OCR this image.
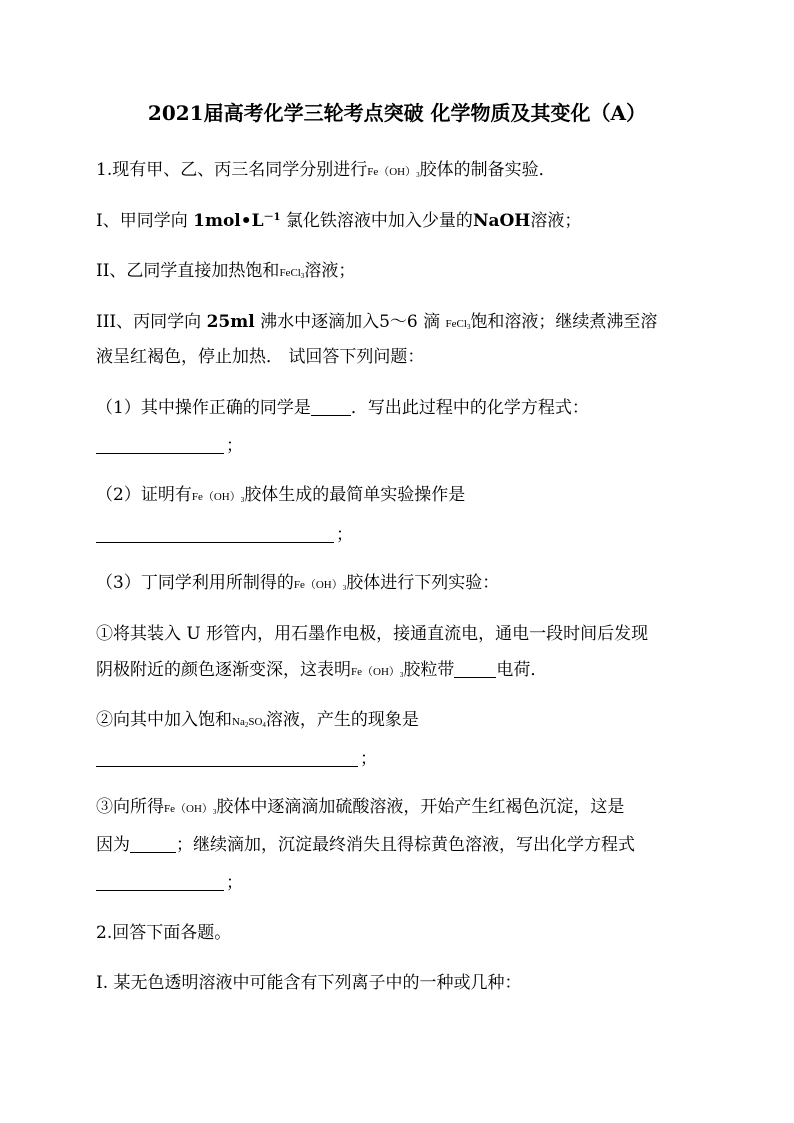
2021届高考化学三轮考点突破 化学物质及其变化（A）
1.现有甲、乙、丙三名同学分别进行$Fe(OH)_3$胶体的制备实验．
I、甲同学向 $1mol•L^{-1}$ 氯化铁溶液中加入少量的NaOH溶液；
II、乙同学直接加热饱和FeCl$_3$溶液；
III、丙同学向 25ml 沸水中逐滴加入5～6 滴 FeCl$_3$饱和溶液；继续煮沸至溶
液呈红褐色，停止加热． 试回答下列问题：
（1）其中操作正确的同学是 ．写出此过程中的化学方程式：
；
（2）证明有$Fe(OH)_3$胶体生成的最简单实验操作是
；
（3）丁同学利用所制得的$Fe(OH)_3$胶体进行下列实验：
①将其装入 U 形管内，用石墨作电极，接通直流电，通电一段时间后发现
阴极附近的颜色逐渐变深，这表明$Fe(OH)_3$胶粒带 电荷．
②向其中加入饱和$Na_2SO_4$溶液，产生的现象是
；
③向所得$Fe(OH)_3$胶体中逐滴滴加硫酸溶液，开始产生红褐色沉淀，这是
因为	；继续滴加，沉淀最终消失且得棕黄色溶液，写出化学方程式
；
2.回答下面各题。
Ⅰ. 某无色透明溶液中可能含有下列离子中的一种或几种：
